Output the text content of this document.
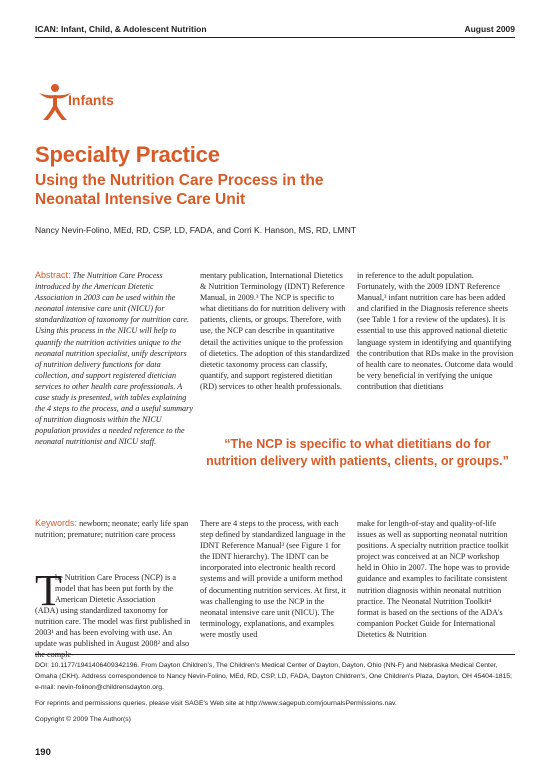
ICAN: Infant, Child, & Adolescent Nutrition	August 2009
Infants
Specialty Practice
Using the Nutrition Care Process in the Neonatal Intensive Care Unit
Nancy Nevin-Folino, MEd, RD, CSP, LD, FADA, and Corri K. Hanson, MS, RD, LMNT
Abstract: The Nutrition Care Process introduced by the American Dietetic Association in 2003 can be used within the neonatal intensive care unit (NICU) for standardization of taxonomy for nutrition care. Using this process in the NICU will help to quantify the nutrition activities unique to the neonatal nutrition specialist, unify descriptors of nutrition delivery functions for data collection, and support registered dietician services to other health care professionals. A case study is presented, with tables explaining the 4 steps to the process, and a useful summary of nutrition diagnosis within the NICU population provides a needed reference to the neonatal nutritionist and NICU staff.
mentary publication, International Dietetics & Nutrition Terminology (IDNT) Reference Manual, in 2009.³ The NCP is specific to what dietitians do for nutrition delivery with patients, clients, or groups. Therefore, with use, the NCP can describe in quantitative detail the activities unique to the profession of dietetics. The adoption of this standardized dietetic taxonomy process can classify, quantify, and support registered dietitian (RD) services to other health professionals.
in reference to the adult population. Fortunately, with the 2009 IDNT Reference Manual,³ infant nutrition care has been added and clarified in the Diagnosis reference sheets (see Table 1 for a review of the updates). It is essential to use this approved national dietetic language system in identifying and quantifying the contribution that RDs make in the provision of health care to neonates. Outcome data would be very beneficial in verifying the unique contribution that dietitians
“The NCP is specific to what dietitians do for nutrition delivery with patients, clients, or groups.”
Keywords: newborn; neonate; early life span nutrition; premature; nutrition care process
T
he Nutrition Care Process (NCP) is a model that has been put forth by the American Dietetic Association
(ADA) using standardized taxonomy for nutrition care. The model was first published in 2003¹ and has been evolving with use. An update was published in August 2008² and also
There are 4 steps to the process, with each step defined by standardized language in the IDNT Reference Manual³ (see Figure 1 for the IDNT hierarchy). The IDNT can be incorporated into electronic health record systems and will provide a uniform method of documenting nutrition services. At first, it was challenging to use the NCP in the neonatal intensive care unit (NICU). The terminology, explanations, and examples were mostly used
make for length-of-stay and quality-of-life issues as well as supporting neonatal nutrition positions. A specialty nutrition practice toolkit project was conceived at an NCP workshop held in Ohio in 2007. The hope was to provide guidance and examples to facilitate consistent nutrition diagnosis within neonatal nutrition practice. The Neonatal Nutrition Toolkit⁴ format is based on the sections of the ADA's companion Pocket Guide for International Dietetics & Nutrition

DOI: 10.1177/1941406409342196. From Dayton Children's, The Children's Medical Center of Dayton, Dayton, Ohio (NN-F) and Nebraska Medical Center, Omaha (CKH). Address correspondence to Nancy Nevin-Folino, MEd, RD, CSP, LD, FADA, Dayton Children's, One Children's Plaza, Dayton, OH 45404-1815; e-mail: nevin-folinon@childrensdayton.org.

For reprints and permissions queries, please visit SAGE's Web site at http://www.sagepub.com/journalsPermissions.nav.

Copyright © 2009 The Author(s)

190
